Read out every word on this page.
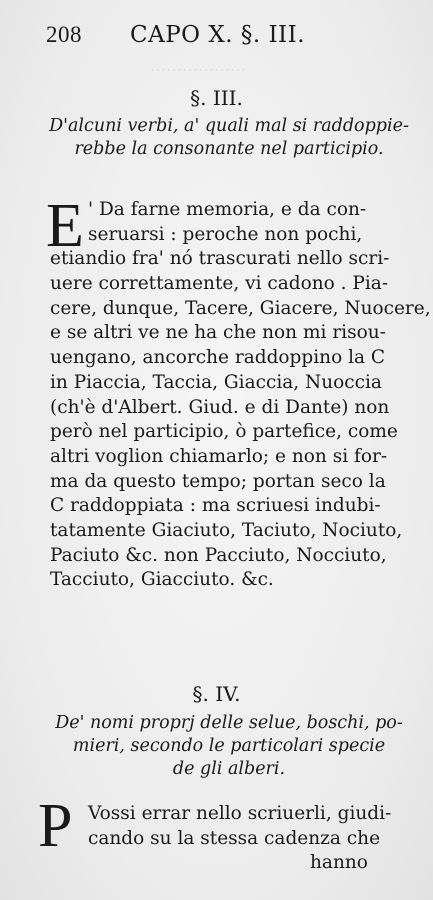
………………
208 CAPO X. §. III.
§. III.
D'alcuni verbi, a' quali mal si raddoppie-
rebbe la consonante nel participio.
E ' Da farne memoria, e da con-
seruarsi : peroche non pochi,
etiandio fra' nó trascurati nello scri-
uere correttamente, vi cadono . Pia-
cere, dunque, Tacere, Giacere, Nuocere,
e se altri ve ne ha che non mi risou-
uengano, ancorche raddoppino la C
in Piaccia, Taccia, Giaccia, Nuoccia
(ch'è d'Albert. Giud. e di Dante) non
però nel participio, ò partefice, come
altri voglion chiamarlo; e non si for-
ma da questo tempo; portan seco la
C raddoppiata : ma scriuesi indubi-
tatamente Giaciuto, Taciuto, Nociuto,
Paciuto &c. non Pacciuto, Nocciuto,
Tacciuto, Giacciuto. &c.
§. IV.
De' nomi proprj delle selue, boschi, po-
mieri, secondo le particolari specie
de gli alberi.
P Vossi errar nello scriuerli, giudi-
cando su la stessa cadenza che
hanno
